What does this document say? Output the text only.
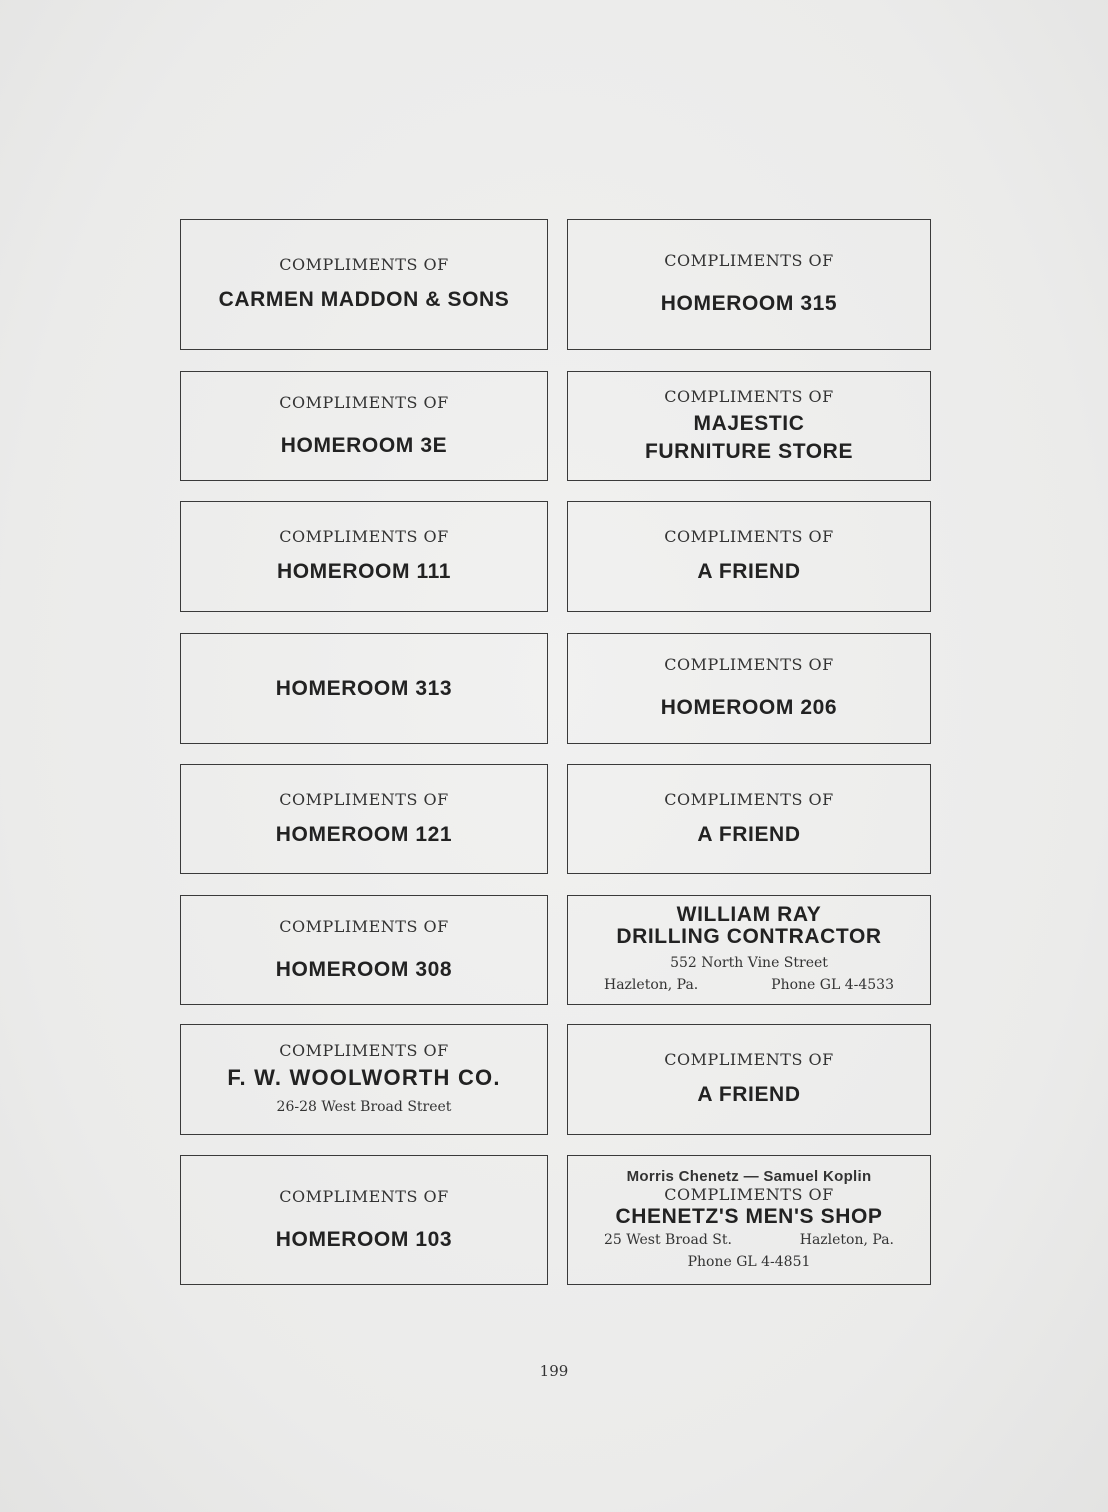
COMPLIMENTS OF
CARMEN MADDON & SONS
COMPLIMENTS OF
HOMEROOM 315
COMPLIMENTS OF
HOMEROOM 3E
COMPLIMENTS OF
MAJESTIC
FURNITURE STORE
COMPLIMENTS OF
HOMEROOM 111
COMPLIMENTS OF
A FRIEND
HOMEROOM 313
COMPLIMENTS OF
HOMEROOM 206
COMPLIMENTS OF
HOMEROOM 121
COMPLIMENTS OF
A FRIEND
COMPLIMENTS OF
HOMEROOM 308
WILLIAM RAY
DRILLING CONTRACTOR
552 North Vine Street
Hazleton, Pa.	Phone GL 4-4533
COMPLIMENTS OF
F. W. WOOLWORTH CO.
26-28 West Broad Street
COMPLIMENTS OF
A FRIEND
COMPLIMENTS OF
HOMEROOM 103
Morris Chenetz — Samuel Koplin
COMPLIMENTS OF
CHENETZ'S MEN'S SHOP
25 West Broad St.	Hazleton, Pa.
Phone GL 4-4851
199
